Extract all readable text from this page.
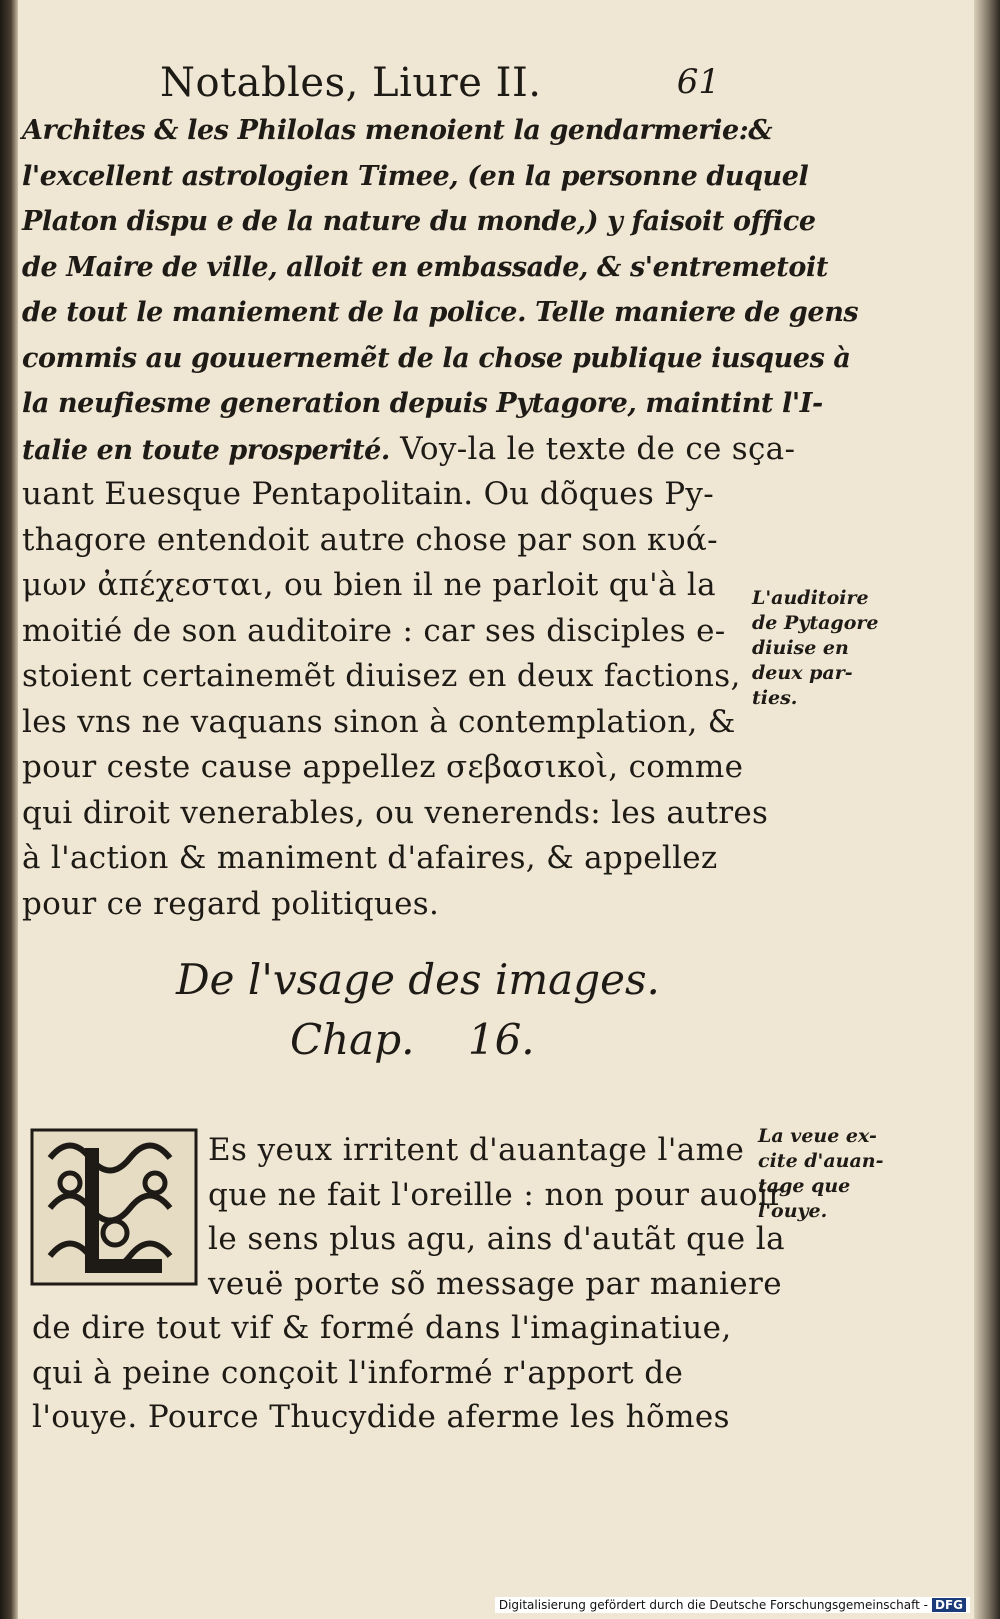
Notables, Liure II.	61
Archites & les Philolas menoient la gendarmerie:&
l'excellent astrologien Timee, (en la personne duquel
Platon dispu e de la nature du monde,) y faisoit office
de Maire de ville, alloit en embassade, & s'entremetoit
de tout le maniement de la police. Telle maniere de gens
commis au gouuernemẽt de la chose publique iusques à
la neufiesme generation depuis Pytagore, maintint l'I-
talie en toute prosperité. Voy-la le texte de ce sça-
uant Euesque Pentapolitain. Ou dõques Py-
thagore entendoit autre chose par son κυά-
μων ἀπέχεσται, ou bien il ne parloit qu'à la
moitié de son auditoire : car ses disciples e-
stoient certainemẽt diuisez en deux factions,
les vns ne vaquans sinon à contemplation, &
pour ceste cause appellez σεβασικοὶ, comme
qui diroit venerables, ou venerends: les autres
à l'action & maniment d'afaires, & appellez
pour ce regard politiques.
L'auditoire
de Pytagore
diuise en
deux par-
ties.
De l'vsage des images.
Chap.    16.
Es yeux irritent d'auantage l'ame
que ne fait l'oreille : non pour auoir
le sens plus agu, ains d'autãt que la
veuë porte sõ message par maniere
de dire tout vif & formé dans l'imaginatiue,
qui à peine conçoit l'informé r'apport de
l'ouye. Pource Thucydide aferme les hõmes
La veue ex-
cite d'auan-
tage que
l'ouye.
Digitalisierung gefördert durch die Deutsche Forschungsgemeinschaft - DFG
